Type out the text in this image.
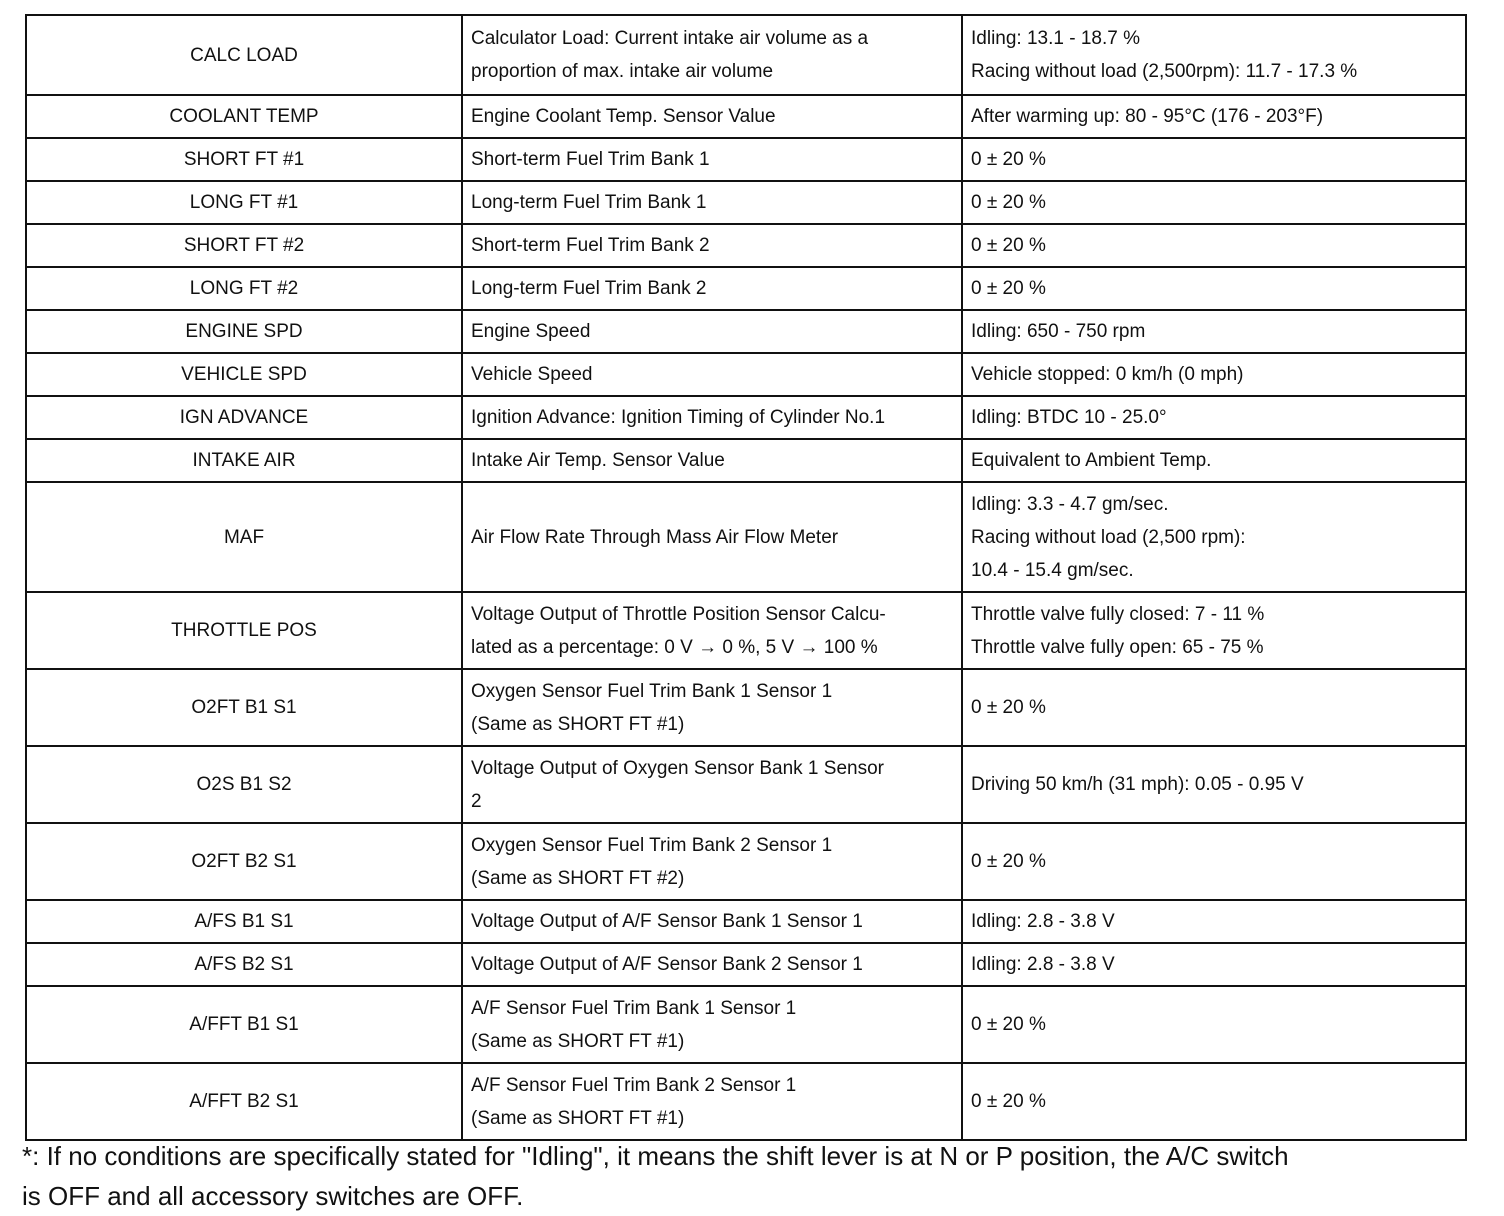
CALC LOAD	Calculator Load: Current intake air volume as a
proportion of max. intake air volume	Idling: 13.1 - 18.7 %
Racing without load (2,500rpm): 11.7 - 17.3 %

COOLANT TEMP	Engine Coolant Temp. Sensor Value	After warming up: 80 - 95°C (176 - 203°F)

SHORT FT #1	Short-term Fuel Trim Bank 1	0 ± 20 %

LONG FT #1	Long-term Fuel Trim Bank 1	0 ± 20 %

SHORT FT #2	Short-term Fuel Trim Bank 2	0 ± 20 %

LONG FT #2	Long-term Fuel Trim Bank 2	0 ± 20 %

ENGINE SPD	Engine Speed	Idling: 650 - 750 rpm

VEHICLE SPD	Vehicle Speed	Vehicle stopped: 0 km/h (0 mph)

IGN ADVANCE	Ignition Advance: Ignition Timing of Cylinder No.1	Idling: BTDC 10 - 25.0°

INTAKE AIR	Intake Air Temp. Sensor Value	Equivalent to Ambient Temp.

MAF	Air Flow Rate Through Mass Air Flow Meter	Idling: 3.3 - 4.7 gm/sec.
Racing without load (2,500 rpm):
10.4 - 15.4 gm/sec.

THROTTLE POS	Voltage Output of Throttle Position Sensor Calcu-
lated as a percentage: 0 V → 0 %, 5 V → 100 %	Throttle valve fully closed: 7 - 11 %
Throttle valve fully open: 65 - 75 %

O2FT B1 S1	Oxygen Sensor Fuel Trim Bank 1 Sensor 1
(Same as SHORT FT #1)	0 ± 20 %

O2S B1 S2	Voltage Output of Oxygen Sensor Bank 1 Sensor
2	Driving 50 km/h (31 mph): 0.05 - 0.95 V

O2FT B2 S1	Oxygen Sensor Fuel Trim Bank 2 Sensor 1
(Same as SHORT FT #2)	0 ± 20 %

A/FS B1 S1	Voltage Output of A/F Sensor Bank 1 Sensor 1	Idling: 2.8 - 3.8 V

A/FS B2 S1	Voltage Output of A/F Sensor Bank 2 Sensor 1	Idling: 2.8 - 3.8 V

A/FFT B1 S1	A/F Sensor Fuel Trim Bank 1 Sensor 1
(Same as SHORT FT #1)	0 ± 20 %

A/FFT B2 S1	A/F Sensor Fuel Trim Bank 2 Sensor 1
(Same as SHORT FT #1)	0 ± 20 %
*: If no conditions are specifically stated for "Idling", it means the shift lever is at N or P position, the A/C switch
is OFF and all accessory switches are OFF.
